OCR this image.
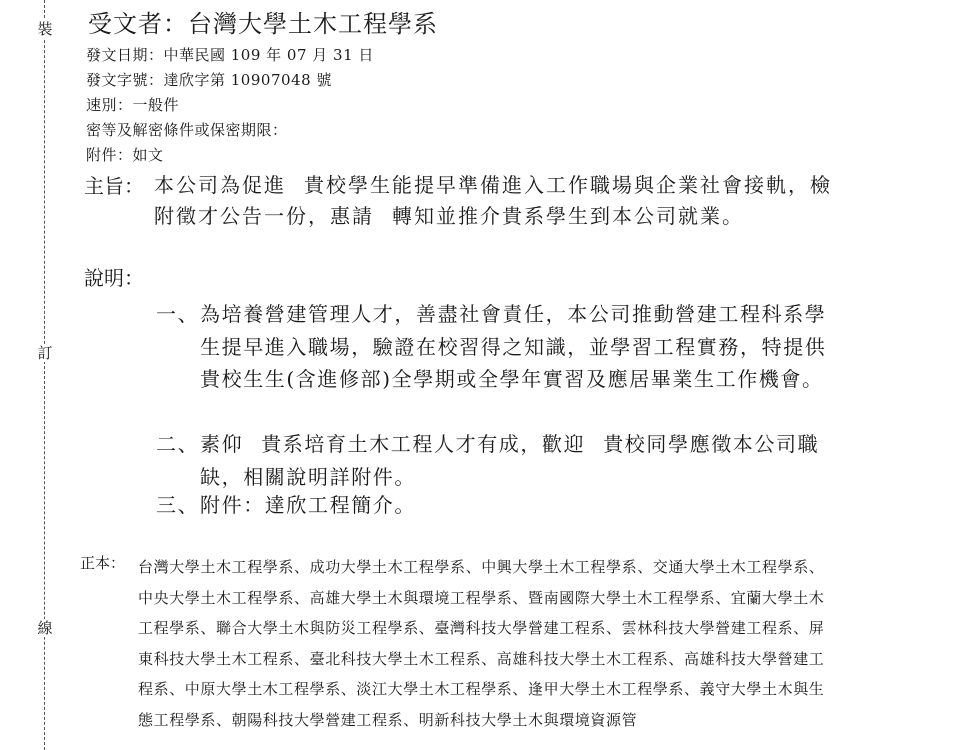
裝
訂
線
受文者：台灣大學土木工程學系
發文日期：中華民國 109 年 07 月 31 日
發文字號：達欣字第 10907048 號
速別：一般件
密等及解密條件或保密期限：
附件：如文
主旨： 本公司為促進 貴校學生能提早準備進入工作職場與企業社會接軌，檢附徵才公告一份，惠請 轉知並推介貴系學生到本公司就業。
說明：
一、 為培養營建管理人才，善盡社會責任，本公司推動營建工程科系學生提早進入職場，驗證在校習得之知識，並學習工程實務，特提供貴校生生(含進修部)全學期或全學年實習及應居畢業生工作機會。
二、 素仰 貴系培育土木工程人才有成，歡迎 貴校同學應徵本公司職缺，相關說明詳附件。
三、 附件：達欣工程簡介。
正本： 台灣大學土木工程學系、成功大學土木工程學系、中興大學土木工程學系、交通大學土木工程學系、中央大學土木工程學系、高雄大學土木與環境工程學系、暨南國際大學土木工程學系、宜蘭大學土木工程學系、聯合大學土木與防災工程學系、臺灣科技大學營建工程系、雲林科技大學營建工程系、屏東科技大學土木工程系、臺北科技大學土木工程系、高雄科技大學土木工程系、高雄科技大學營建工程系、中原大學土木工程學系、淡江大學土木工程學系、逢甲大學土木工程學系、義守大學土木與生態工程學系、朝陽科技大學營建工程系、明新科技大學土木與環境資源管
